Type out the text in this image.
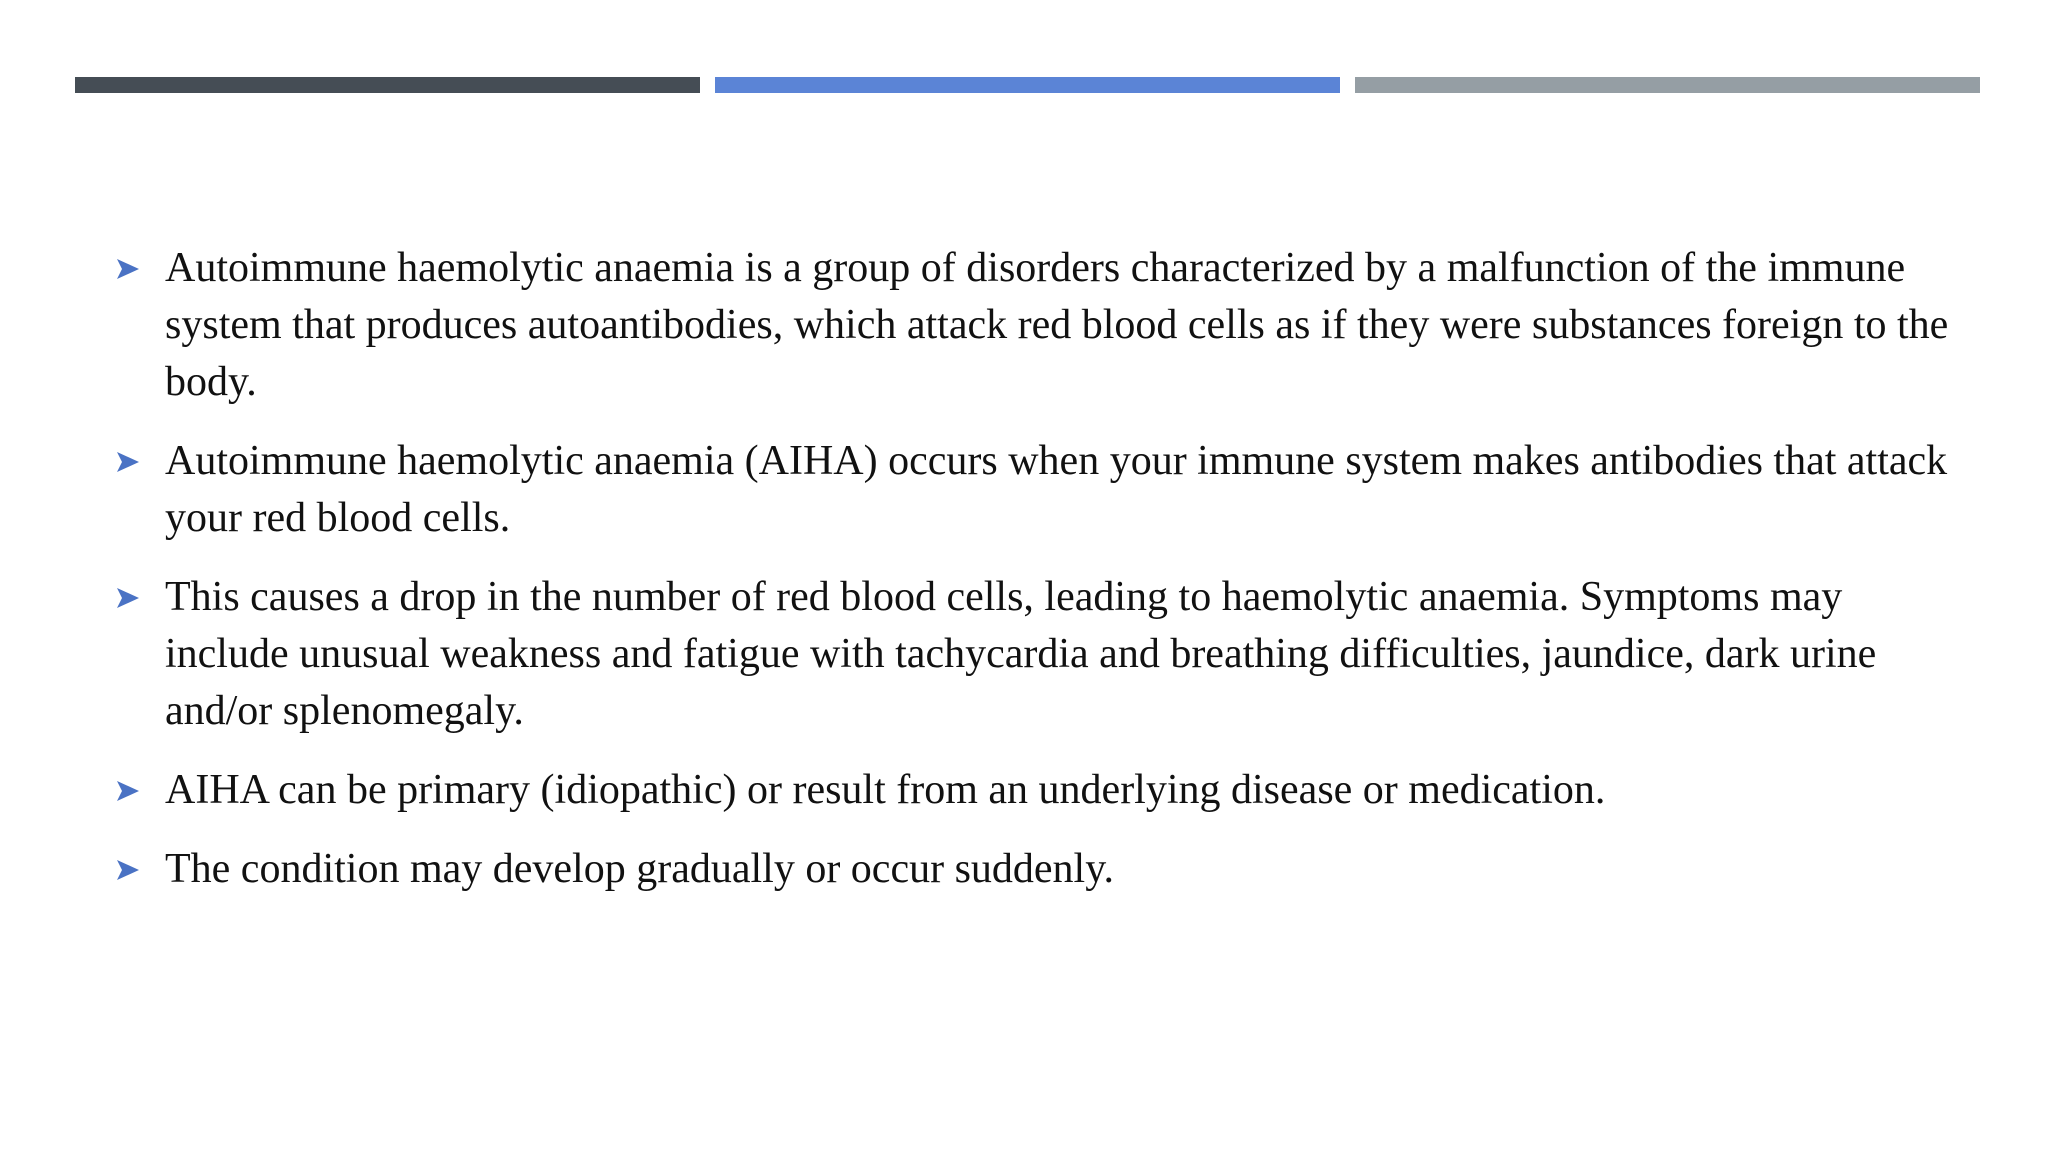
Autoimmune haemolytic anaemia is a group of disorders characterized by a malfunction of the immune system that produces autoantibodies, which attack red blood cells as if they were substances foreign to the body.
Autoimmune haemolytic anaemia (AIHA) occurs when your immune system makes antibodies that attack your red blood cells.
This causes a drop in the number of red blood cells, leading to haemolytic anaemia. Symptoms may include unusual weakness and fatigue with tachycardia and breathing difficulties, jaundice, dark urine and/or splenomegaly.
AIHA can be primary (idiopathic) or result from an underlying disease or medication.
The condition may develop gradually or occur suddenly.
